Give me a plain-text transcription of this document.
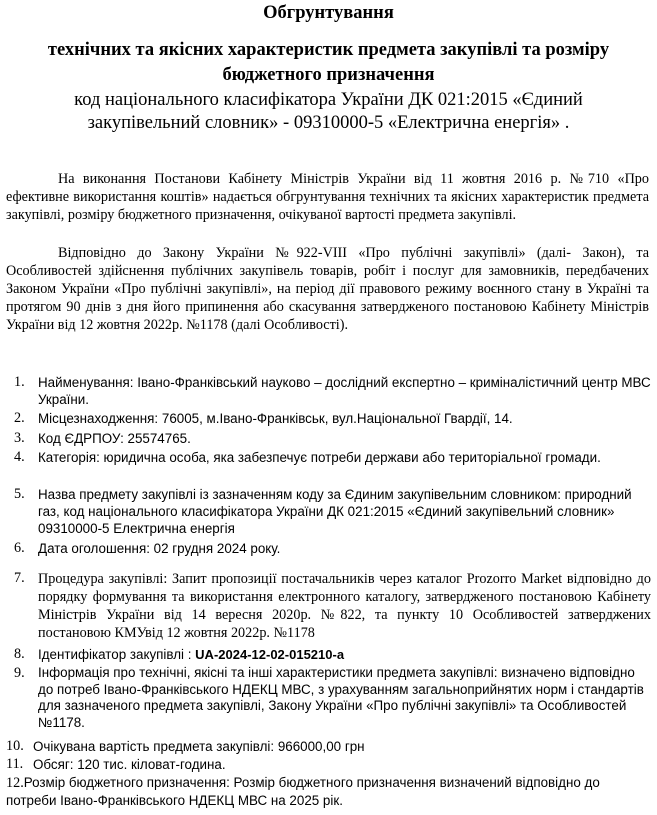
Обгрунтування
технічних та якісних характеристик предмета закупівлі та розміру бюджетного призначення
код національного класифікатора України ДК 021:2015 «Єдиний закупівельний словник» - 09310000-5 «Електрична енергія» .
На виконання Постанови Кабінету Міністрів України від 11 жовтня 2016 р. №710 «Про ефективне використання коштів» надається обгрунтування технічних та якісних характеристик предмета закупівлі, розміру бюджетного призначення, очікуваної вартості предмета закупівлі.
Відповідно до Закону України №922-VIII «Про публічні закупівлі» (далі- Закон), та Особливостей здійснення публічних закупівель товарів, робіт і послуг для замовників, передбачених Законом України «Про публічні закупівлі», на період дії правового режиму воєнного стану в Україні та протягом 90 днів з дня його припинення або скасування затвердженого постановою Кабінету Міністрів України від 12 жовтня 2022р. №1178 (далі Особливості).
1. Найменування: Івано-Франківський науково – дослідний експертно – криміналістичний центр МВС України.
2. Місцезнаходження: 76005, м.Івано-Франківськ, вул.Національної Гвардії, 14.
3. Код ЄДРПОУ: 25574765.
4. Категорія: юридична особа, яка забезпечує потреби держави або територіальної громади.
5. Назва предмету закупівлі із зазначенням коду за Єдиним закупівельним словником: природний газ, код національного класифікатора України ДК 021:2015 «Єдиний закупівельний словник» 09310000-5 Електрична енергія
6. Дата оголошення: 02 грудня 2024 року.
7. Процедура закупівлі: Запит пропозиції постачальників через каталог Prozorro Market відповідно до порядку формування та використання електронного каталогу, затвердженого постановою Кабінету Міністрів України від 14 вересня 2020р. №822, та пункту 10 Особливостей затверджених постановою КМУвід 12 жовтня 2022р. №1178
8. Ідентифікатор закупівлі : UA-2024-12-02-015210-a
9. Інформація про технічні, якісні та інші характеристики предмета закупівлі: визначено відповідно до потреб Івано-Франківського НДЕКЦ МВС, з урахуванням загальноприйнятих норм і стандартів для зазначеного предмета закупівлі, Закону України «Про публічні закупівлі» та Особливостей №1178.
10. Очікувана вартість предмета закупівлі: 966000,00 грн
11. Обсяг: 120 тис. кіловат-година.
12.Розмір бюджетного призначення: Розмір бюджетного призначення визначений відповідно до потреби Івано-Франківського НДЕКЦ МВС на 2025 рік.
